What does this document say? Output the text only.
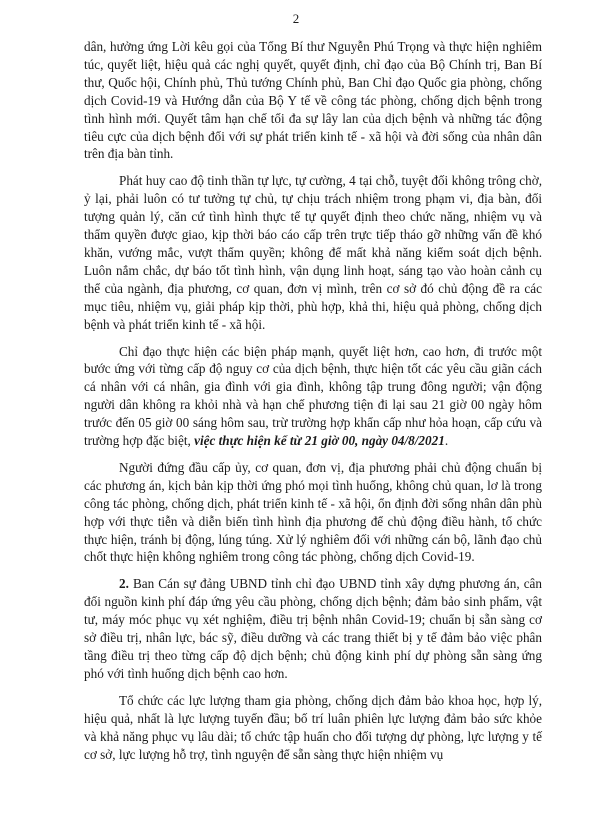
2

dân, hưởng ứng Lời kêu gọi của Tổng Bí thư Nguyễn Phú Trọng và thực hiện nghiêm túc, quyết liệt, hiệu quả các nghị quyết, quyết định, chỉ đạo của Bộ Chính trị, Ban Bí thư, Quốc hội, Chính phủ, Thủ tướng Chính phủ, Ban Chỉ đạo Quốc gia phòng, chống dịch Covid-19 và Hướng dẫn của Bộ Y tế về công tác phòng, chống dịch bệnh trong tình hình mới. Quyết tâm hạn chế tối đa sự lây lan của dịch bệnh và những tác động tiêu cực của dịch bệnh đối với sự phát triển kinh tế - xã hội và đời sống của nhân dân trên địa bàn tỉnh.

Phát huy cao độ tinh thần tự lực, tự cường, 4 tại chỗ, tuyệt đối không trông chờ, ỷ lại, phải luôn có tư tưởng tự chủ, tự chịu trách nhiệm trong phạm vi, địa bàn, đối tượng quản lý, căn cứ tình hình thực tế tự quyết định theo chức năng, nhiệm vụ và thẩm quyền được giao, kịp thời báo cáo cấp trên trực tiếp tháo gỡ những vấn đề khó khăn, vướng mắc, vượt thẩm quyền; không để mất khả năng kiểm soát dịch bệnh. Luôn nắm chắc, dự báo tốt tình hình, vận dụng linh hoạt, sáng tạo vào hoàn cảnh cụ thể của ngành, địa phương, cơ quan, đơn vị mình, trên cơ sở đó chủ động đề ra các mục tiêu, nhiệm vụ, giải pháp kịp thời, phù hợp, khả thi, hiệu quả phòng, chống dịch bệnh và phát triển kinh tế - xã hội.

Chỉ đạo thực hiện các biện pháp mạnh, quyết liệt hơn, cao hơn, đi trước một bước ứng với từng cấp độ nguy cơ của dịch bệnh, thực hiện tốt các yêu cầu giãn cách cá nhân với cá nhân, gia đình với gia đình, không tập trung đông người; vận động người dân không ra khỏi nhà và hạn chế phương tiện đi lại sau 21 giờ 00 ngày hôm trước đến 05 giờ 00 sáng hôm sau, trừ trường hợp khẩn cấp như hỏa hoạn, cấp cứu và trường hợp đặc biệt, việc thực hiện kể từ 21 giờ 00, ngày 04/8/2021.

Người đứng đầu cấp ủy, cơ quan, đơn vị, địa phương phải chủ động chuẩn bị các phương án, kịch bản kịp thời ứng phó mọi tình huống, không chủ quan, lơ là trong công tác phòng, chống dịch, phát triển kinh tế - xã hội, ổn định đời sống nhân dân phù hợp với thực tiễn và diễn biến tình hình địa phương để chủ động điều hành, tổ chức thực hiện, tránh bị động, lúng túng. Xử lý nghiêm đối với những cán bộ, lãnh đạo chủ chốt thực hiện không nghiêm trong công tác phòng, chống dịch Covid-19.

2. Ban Cán sự đảng UBND tỉnh chỉ đạo UBND tỉnh xây dựng phương án, cân đối nguồn kinh phí đáp ứng yêu cầu phòng, chống dịch bệnh; đảm bảo sinh phẩm, vật tư, máy móc phục vụ xét nghiệm, điều trị bệnh nhân Covid-19; chuẩn bị sẵn sàng cơ sở điều trị, nhân lực, bác sỹ, điều dưỡng và các trang thiết bị y tế đảm bảo việc phân tầng điều trị theo từng cấp độ dịch bệnh; chủ động kinh phí dự phòng sẵn sàng ứng phó với tình huống dịch bệnh cao hơn.

Tổ chức các lực lượng tham gia phòng, chống dịch đảm bảo khoa học, hợp lý, hiệu quả, nhất là lực lượng tuyến đầu; bố trí luân phiên lực lượng đảm bảo sức khỏe và khả năng phục vụ lâu dài; tổ chức tập huấn cho đối tượng dự phòng, lực lượng y tế cơ sở, lực lượng hỗ trợ, tình nguyện để sẵn sàng thực hiện nhiệm vụ
